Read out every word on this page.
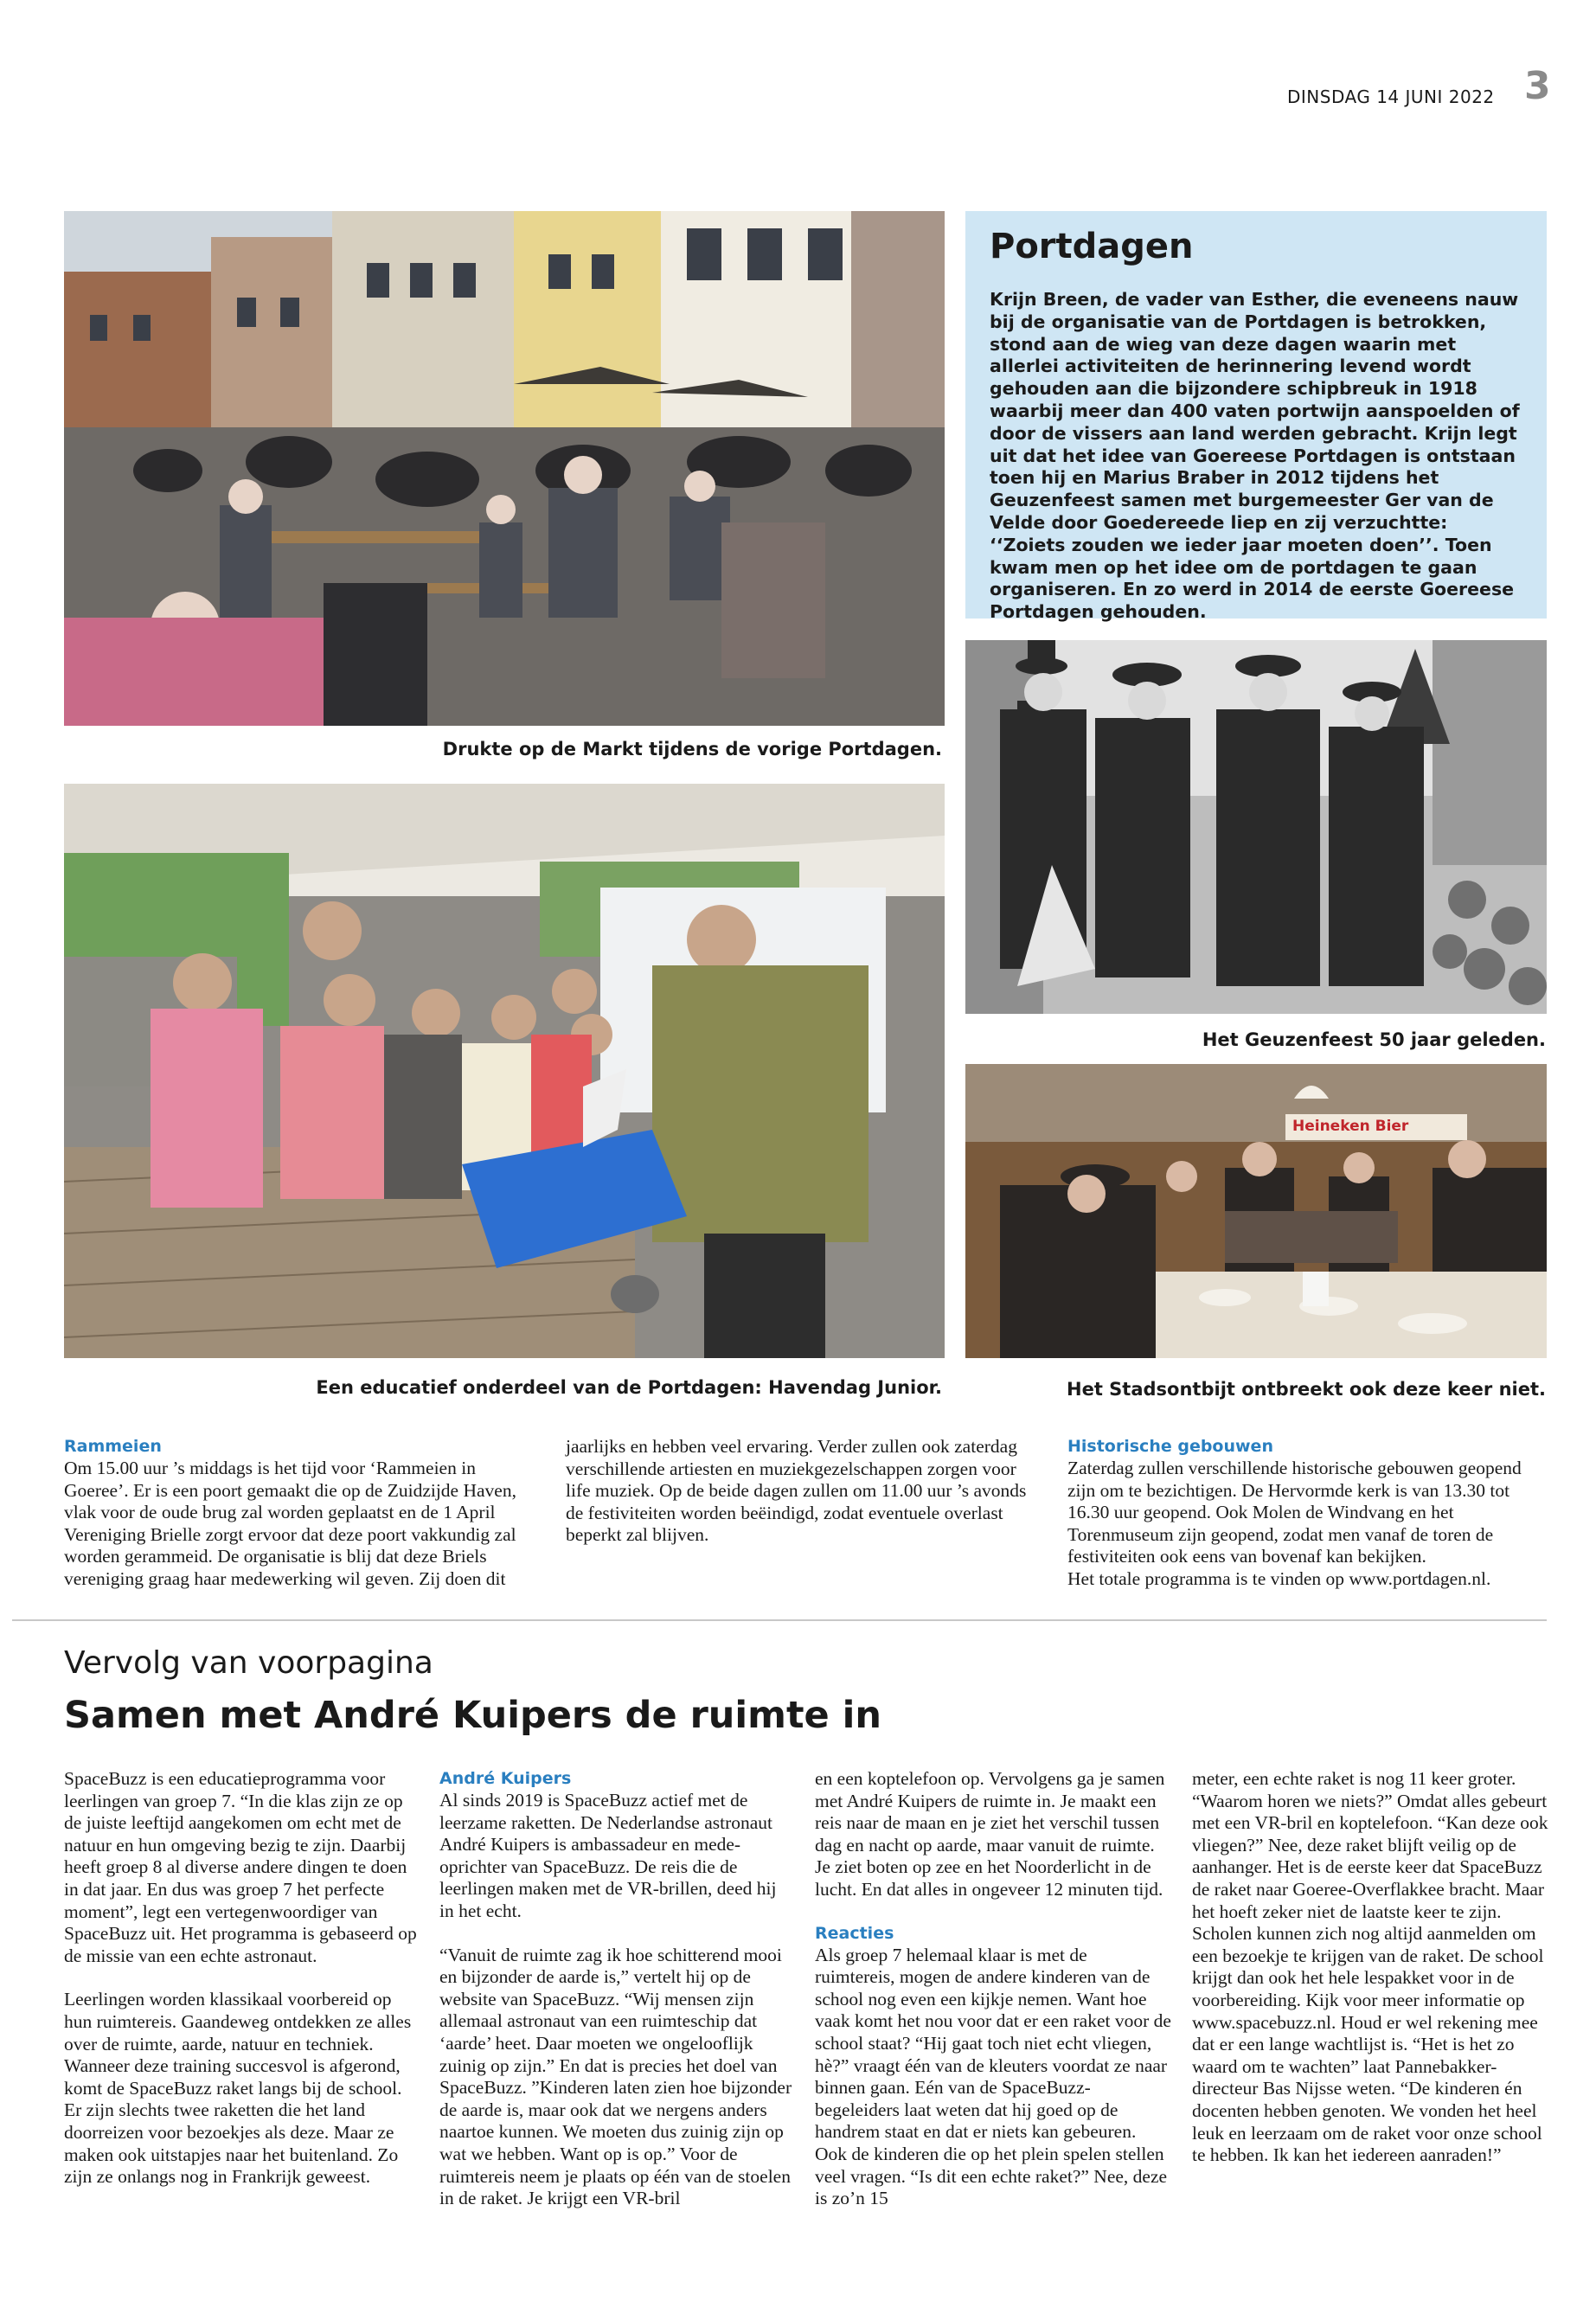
DINSDAG 14 JUNI 2022 3
Portdagen
Krijn Breen, de vader van Esther, die eveneens nauw bij de organisatie van de Portdagen is betrokken, stond aan de wieg van deze dagen waarin met allerlei activiteiten de herinnering levend wordt gehouden aan die bijzondere schipbreuk in 1918 waarbij meer dan 400 vaten portwijn aanspoelden of door de vissers aan land werden gebracht. Krijn legt uit dat het idee van Goereese Portdagen is ontstaan toen hij en Marius Braber in 2012 tijdens het Geuzenfeest samen met burgemeester Ger van de Velde door Goedereede liep en zij verzuchtte: ‘‘Zoiets zouden we ieder jaar moeten doen’’. Toen kwam men op het idee om de portdagen te gaan organiseren. En zo werd in 2014 de eerste Goereese Portdagen gehouden.
Drukte op de Markt tijdens de vorige Portdagen.
Het Geuzenfeest 50 jaar geleden.
Heineken Bier
Een educatief onderdeel van de Portdagen: Havendag Junior.	Het Stadsontbijt ontbreekt ook deze keer niet.
Rammeien

Om 15.00 uur ’s middags is het tijd voor ‘Rammeien in Goeree’. Er is een poort gemaakt die op de Zuidzijde Haven, vlak voor de oude brug zal worden geplaatst en de 1 April Vereniging Brielle zorgt ervoor dat deze poort vakkundig zal worden gerammeid. De organisatie is blij dat deze Briels vereniging graag haar medewerking wil geven. Zij doen dit

jaarlijks en hebben veel ervaring. Verder zullen ook zaterdag verschillende artiesten en muziekgezelschappen zorgen voor life muziek. Op de beide dagen zullen om 11.00 uur ’s avonds de festiviteiten worden beëindigd, zodat eventuele overlast beperkt zal blijven.

Historische gebouwen

Zaterdag zullen verschillende historische gebouwen geopend zijn om te bezichtigen. De Hervormde kerk is van 13.30 tot 16.30 uur geopend. Ook Molen de Windvang en het Torenmuseum zijn geopend, zodat men vanaf de toren de festiviteiten ook eens van bovenaf kan bekijken.

Het totale programma is te vinden op www.portdagen.nl.

Vervolg van voorpagina
Samen met André Kuipers de ruimte in

SpaceBuzz is een educatieprogramma voor leerlingen van groep 7. “In die klas zijn ze op de juiste leeftijd aangekomen om echt met de natuur en hun omgeving bezig te zijn. Daarbij heeft groep 8 al diverse andere dingen te doen in dat jaar. En dus was groep 7 het perfecte moment”, legt een vertegenwoordiger van SpaceBuzz uit. Het programma is gebaseerd op de missie van een echte astronaut.

Leerlingen worden klassikaal voorbereid op hun ruimtereis. Gaandeweg ontdekken ze alles over de ruimte, aarde, natuur en techniek. Wanneer deze training succesvol is afgerond, komt de SpaceBuzz raket langs bij de school. Er zijn slechts twee raketten die het land doorreizen voor bezoekjes als deze. Maar ze maken ook uitstapjes naar het buitenland. Zo zijn ze onlangs nog in Frankrijk geweest.

André Kuipers

Al sinds 2019 is SpaceBuzz actief met de leerzame raketten. De Nederlandse astronaut André Kuipers is ambassadeur en mede-oprichter van SpaceBuzz. De reis die de leerlingen maken met de VR-brillen, deed hij in het echt.

“Vanuit de ruimte zag ik hoe schitterend mooi en bijzonder de aarde is,” vertelt hij op de website van SpaceBuzz. “Wij mensen zijn allemaal astronaut van een ruimteschip dat ‘aarde’ heet. Daar moeten we ongelooflijk zuinig op zijn.” En dat is precies het doel van SpaceBuzz. ”Kinderen laten zien hoe bijzonder de aarde is, maar ook dat we nergens anders naartoe kunnen. We moeten dus zuinig zijn op wat we hebben. Want op is op.” Voor de ruimtereis neem je plaats op één van de stoelen in de raket. Je krijgt een VR-bril

en een koptelefoon op. Vervolgens ga je samen met André Kuipers de ruimte in. Je maakt een reis naar de maan en je ziet het verschil tussen dag en nacht op aarde, maar vanuit de ruimte. Je ziet boten op zee en het Noorderlicht in de lucht. En dat alles in ongeveer 12 minuten tijd.

Reacties

Als groep 7 helemaal klaar is met de ruimtereis, mogen de andere kinderen van de school nog even een kijkje nemen. Want hoe vaak komt het nou voor dat er een raket voor de school staat? “Hij gaat toch niet echt vliegen, hè?” vraagt één van de kleuters voordat ze naar binnen gaan. Eén van de SpaceBuzz-begeleiders laat weten dat hij goed op de handrem staat en dat er niets kan gebeuren. Ook de kinderen die op het plein spelen stellen veel vragen. “Is dit een echte raket?” Nee, deze is zo’n 15

meter, een echte raket is nog 11 keer groter. “Waarom horen we niets?” Omdat alles gebeurt met een VR-bril en koptelefoon. “Kan deze ook vliegen?” Nee, deze raket blijft veilig op de aanhanger. Het is de eerste keer dat SpaceBuzz de raket naar Goeree-Overflakkee bracht. Maar het hoeft zeker niet de laatste keer te zijn. Scholen kunnen zich nog altijd aanmelden om een bezoekje te krijgen van de raket. De school krijgt dan ook het hele lespakket voor in de voorbereiding. Kijk voor meer informatie op www.spacebuzz.nl. Houd er wel rekening mee dat er een lange wachtlijst is. “Het is het zo waard om te wachten” laat Pannebakker-directeur Bas Nijsse weten. “De kinderen én docenten hebben genoten. We vonden het heel leuk en leerzaam om de raket voor onze school te hebben. Ik kan het iedereen aanraden!”
